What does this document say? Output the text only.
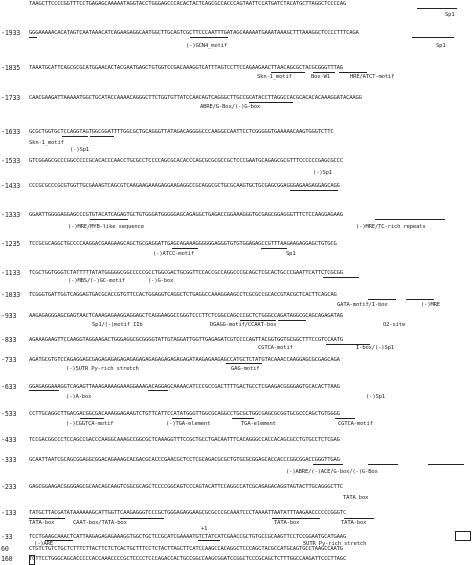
TAAGCTTCCCCGGTTTCCTGAGAGCAAAAATAGGTACCTGGGAGCCCACACTACTCAGCGCCACCCAGTAATTCCATGATCTACATGCTTAGGCTCCCCAG
-1933 GGGAAAAACACATAGTCAATAAACATCAGAAGAGGCAATGGCTTGCAGTCGCTTCCCAATTTGATAGCAAAAATGAAATAAAGCTTTAAAGGCTCCCCTTTCAGA
-1835 TAAATGCATTCAGCGCGCATGGAACACTACGAATGAGCTGTGGTCCGACAAAGGTCATTTAGTCCTTCCAGAAGAACTTAACAGCGCTACGCGGGTTTAG
-1733 CAACGAAGATTAAAAATGGCTGCATACCAAAACAGGGCTTCTGGTGTTATCCAACAGTCAGGGCTTGCCGCATACCTTAGGCCACGCACACACAAAGGATACAAGG
-1633 GCGCTGGTGCTCCAGGTAGTGGCGGATTTTGGCGCTGCAGGGTTATAGACAGGGGCCCAAGGCCAATTCCTCGGGGGTGAAAAACAAGTGGGTCTTC
-1533 GTCGGAGCGCCCGGCCCCCGCACACCCAACCTGCGCCTCCCCAGCGCACACCCAGCGCGCGCCGCTCCCGAATGCAGAGCGCGTTTCCCCCCGAGCGCCC
-1433 CCCGCGCCCGCGTGGTTGCGAAAGTCAGCGTCAAGAAGAAAGAGGAAGAGGCCGCAGGCGCTGCGCAAGTGCTGCGAGCGGAGGGAGAAGAGGAGCAGG
-1333 GGAATTGGGGAGGAGCCCGTGTACATCAGAGTGCTGTGGGATGGGGGAGCAGAGGCTGAGACCGGAAAGGGTGCGAGCGGAGGGTTTCTCCAAGGAGAAG
-1235 TCCGCGCAGGCTGCCCCAAGGACGAAGAAGCAGCTGCGAGGATTGAGCAGAAAGGGGGGAGGGTGTGTGGAGAGCCGTTTAAGAAGAGGAGCTGTGCG
-1133 TCGCTGGTGGGTCTATTTTTATATGGGGGCGGCCCCCGCCTGGCGACTGCGGTTCCACCGCCAGGCCCGCAGCTCGCACTGCCCGAATTCATTCTCGCGG
-1033 TCGGGTGATTGGTCAGGAGTGACGCACCGTGTTCCACTGGAGGTCAGGCTCTGAGGCCAAAGGAAGCCTCGCGCCGCACCGTACGCTCACTTCAGCAG
-933 AAGAGAGGGAGCGAGTAACTCAAAGAGAAGGAGGAGCTCAGGAAGGCCGGGTCCCTTCTCGGCCAGCCCGCTCTGGGCCAGATAGGCGCAGCAGAGATAG
-833 AGAAAGAAGTTCCAAGGTAGGAAGACTGGGAGGCGCGGGGTATTGTAGGATTGGTTGAGAGATCGTCCCCAGTTACGGTGGTGCGGCTTTCCGTCCAATG
-733 AGATGCGTGTCCAGAGGAGCGAGAGAGAGAGAGAGAGAGAGAGAGAGAGAGATAAGAGAAGAGCCATGCTCTATGTACAAACCAAGGAGCGCGAGCAGA
-633 GGAGAGGAAAGGTCAGAGTTAAAGAAAAGAAAGGAAAGACAGGAGCAAAACATCCCGCCGACTTTTGACTGCCTCGAAGACGGGGAGTGCACACTTAAG
-533 CCTTGCAGGCTTGACGACGGCGACAAAGGAGAAGTCTGTTCATTCCATATGGGTTGGCGCAGGCCTGCGCTGGCGAGCGCGGTGCGCCCAGCTGTGGGG
-433 TCCGACGGCCCTCCAGCCGACCCAAGGCAAAGCCGGCGCTCAAAGGTTTCCGCTGCCTGACAATTTCACAGGGCCACCACAGCGCCTGTGCCTCTCGAG
-333 GCAATTAATCGCAGCGGAGGCGGACAGAAAGCACGACGCACCCGAACGCTCCTCGCAGACGCGCTGTGCGCGGAGCACCACCCGGCGGACCGGGTTGAG
-233 GAGCGGAAGACGGGGAGCGCAACAGCAAGTCGGCGCAGCTCCCCGGCAGTCCCAGTACATTCCAGGCCATCGCAGAGACAGGTAGTACTTGCAGGGCTTC
-133 TATGCTTACGATATAAAAAAGCATTGGTTCAAGAGGGTCCCGCTGGGAGAGGAAGCGCGCCCGCAAATCCCTAAAATTAATATTTAAGAACCCCCCGGGTC
-33	TCCTGAAGCAAACTCATTAAGAGAGAGAAAGGTGGCTGCTCCGCATCGAAAATGTCTATCATCGAACCGCTGTGCCGCAAGTTCCTCCGGAATGCATGAAG
60	CTGTCTGTCTGCTCTTTCTTACTTCTCTCACTGCTTTCCTCTACTTAGCTTCATCCAAGCCACAGGCTCCCAGCTACGCCATGCAGTGCCTAAGCCAATG
160	TCTTCCTGGGCAGCACCCCCACCAAACCCCGCTCCCCTCCCAGACCACTGCCGGCCAAGCGGATCCGGCTCCCGCAGCTCTTTGGCCAAGATTCCCTTAGC
Sp1
(-)GCN4_motif	Sp1
Skn-1_motif	Box-W1	HRE/ATCT-motif
ABRE/G-Box/(-)G-box
Skn-1_motif
(-)Sp1
(-)Sp1
(-)MRE/MYB-like sequence	(-)MRE/TC-rich repeats
(-)ATCC-motif	Sp1
(-)MBS/(-)GC-motif	(-)G-box
GATA-motif/I-box	(-)MRE
Sp1/(-)motif IIb	DGAGG-motif/CCAAT-box	O2-site
CGTCA-motif	I-box/(-)Sp1
(-)5UTR Py-rich stretch	GAG-motif
(-)A-box	(-)Sp1
(-)CGGTCA-motif	(-)TGA-element	TGA-element	CGTCA-motif
(-)ABRE/(-)ACE/G-box/(-)G-Box
TATA box
TATA-box	CAAT-box/TATA-box	TATA-box	TATA-box
(-)ARE	5UTR Py-rich stretch
+1
